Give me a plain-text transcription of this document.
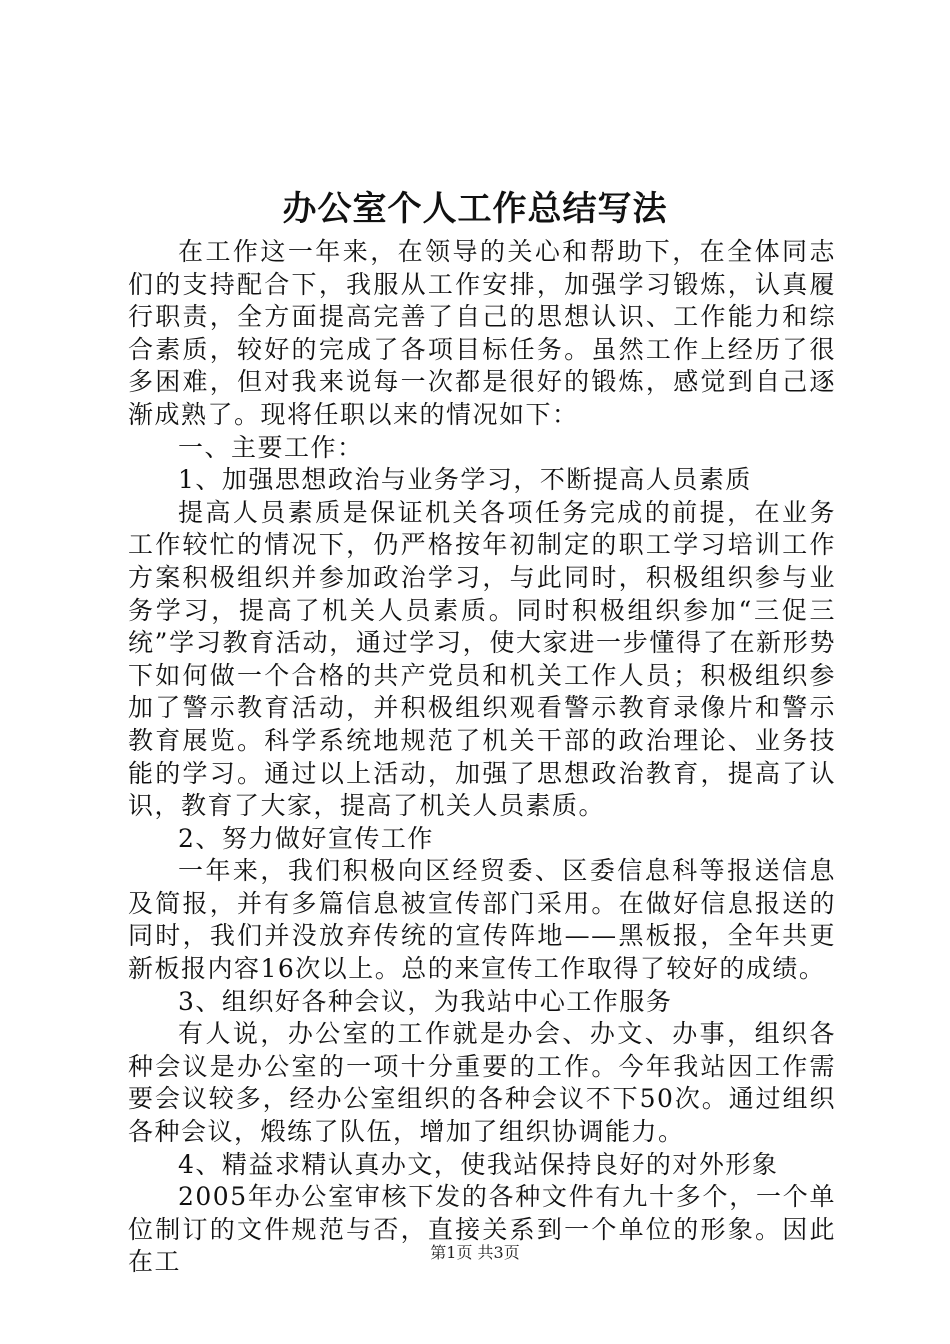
办公室个人工作总结写法

在工作这一年来，在领导的关心和帮助下，在全体同志们的支持配合下，我服从工作安排，加强学习锻炼，认真履行职责，全方面提高完善了自己的思想认识、工作能力和综合素质，较好的完成了各项目标任务。虽然工作上经历了很多困难，但对我来说每一次都是很好的锻炼，感觉到自己逐渐成熟了。现将任职以来的情况如下：

一、主要工作：

1、加强思想政治与业务学习，不断提高人员素质

提高人员素质是保证机关各项任务完成的前提，在业务工作较忙的情况下，仍严格按年初制定的职工学习培训工作方案积极组织并参加政治学习，与此同时，积极组织参与业务学习，提高了机关人员素质。同时积极组织参加“三促三统”学习教育活动，通过学习，使大家进一步懂得了在新形势下如何做一个合格的共产党员和机关工作人员；积极组织参加了警示教育活动，并积极组织观看警示教育录像片和警示教育展览。科学系统地规范了机关干部的政治理论、业务技能的学习。通过以上活动，加强了思想政治教育，提高了认识，教育了大家，提高了机关人员素质。

2、努力做好宣传工作

一年来，我们积极向区经贸委、区委信息科等报送信息及简报，并有多篇信息被宣传部门采用。在做好信息报送的同时，我们并没放弃传统的宣传阵地——黑板报，全年共更新板报内容16次以上。总的来宣传工作取得了较好的成绩。

3、组织好各种会议，为我站中心工作服务

有人说，办公室的工作就是办会、办文、办事，组织各种会议是办公室的一项十分重要的工作。今年我站因工作需要会议较多，经办公室组织的各种会议不下50次。通过组织各种会议，煅练了队伍，增加了组织协调能力。

4、精益求精认真办文，使我站保持良好的对外形象

2005年办公室审核下发的各种文件有九十多个，一个单位制订的文件规范与否，直接关系到一个单位的形象。因此在工	第1页 共3页
